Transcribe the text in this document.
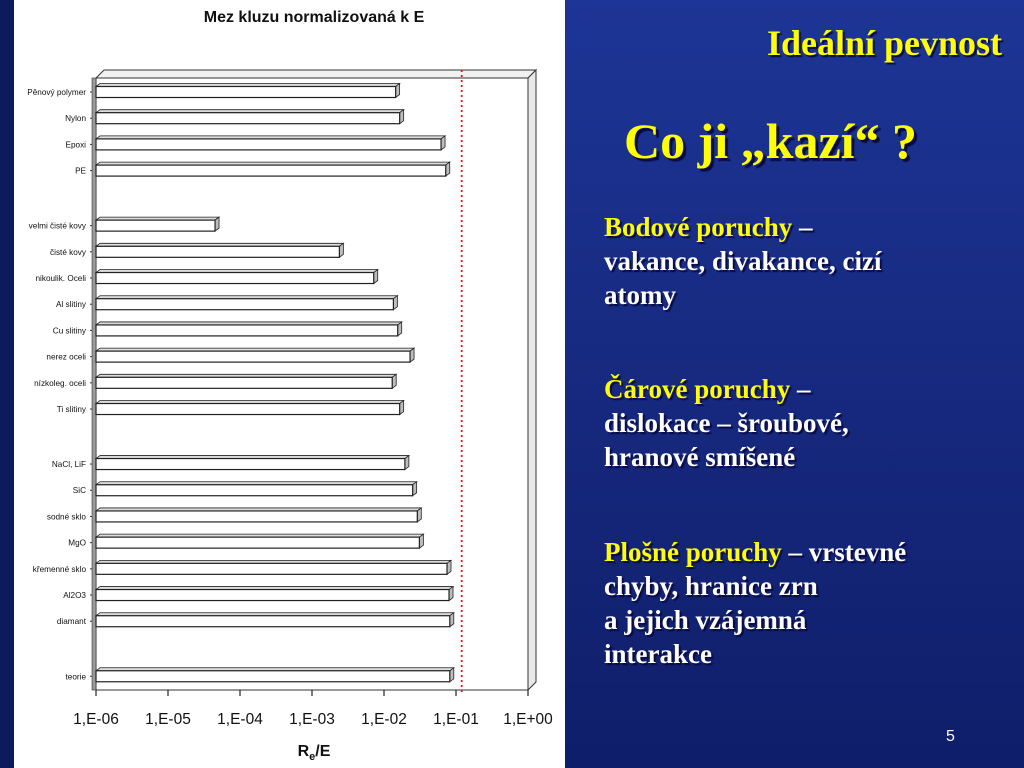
Mez kluzu normalizovaná k E
1,E-06 1,E-05 1,E-04 1,E-03 1,E-02 1,E-01 1,E+00
Pěnový polymer
Nylon
Epoxi
PE
velmi čisté kovy
čisté kovy
nikoulik. Oceli
Al slitiny
Cu slitiny
nerez oceli
nízkoleg. oceli
Ti slitiny
NaCl, LiF
SiC
sodné sklo
MgO
křemenné sklo
Al2O3
diamant
teorie
$R_e/E$
Ideální pevnost
Co ji „kazí“ ?
Bodové poruchy –
vakance, divakance, cizí
atomy
Čárové poruchy –
dislokace – šroubové,
hranové smíšené
Plošné poruchy – vrstevné
chyby, hranice zrn
a jejich vzájemná
interakce
5
